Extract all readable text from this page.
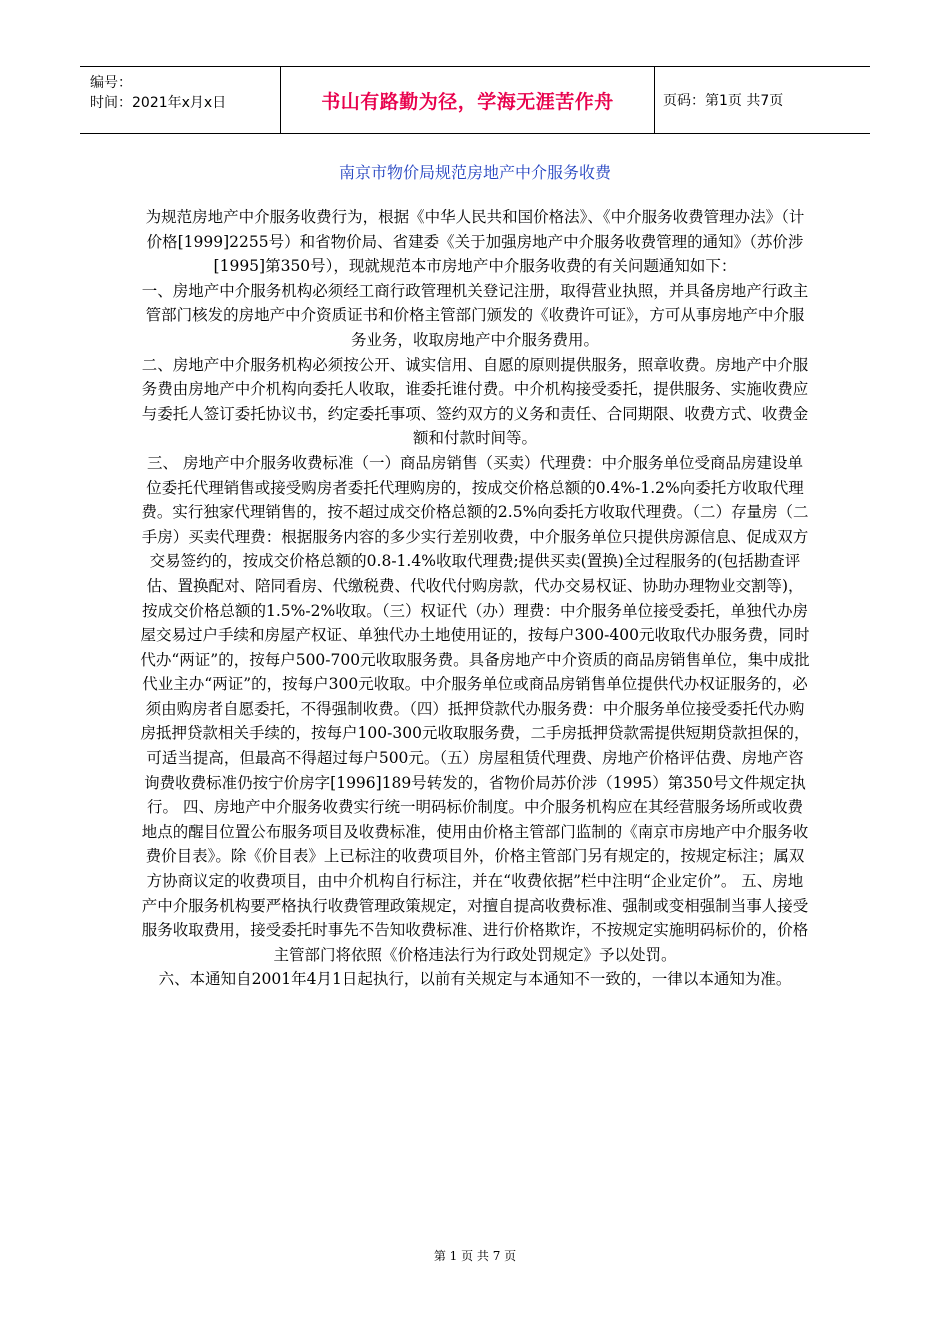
编号：
时间：2021年x月x日	书山有路勤为径，学海无涯苦作舟	页码：第1页 共7页
南京市物价局规范房地产中介服务收费

为规范房地产中介服务收费行为，根据《中华人民共和国价格法》、《中介服务收费管理办法》（计价格[1999]2255号）和省物价局、省建委《关于加强房地产中介服务收费管理的通知》（苏价涉[1995]第350号），现就规范本市房地产中介服务收费的有关问题通知如下：

一、房地产中介服务机构必须经工商行政管理机关登记注册，取得营业执照，并具备房地产行政主管部门核发的房地产中介资质证书和价格主管部门颁发的《收费许可证》，方可从事房地产中介服务业务，收取房地产中介服务费用。

二、房地产中介服务机构必须按公开、诚实信用、自愿的原则提供服务，照章收费。房地产中介服务费由房地产中介机构向委托人收取，谁委托谁付费。中介机构接受委托，提供服务、实施收费应与委托人签订委托协议书，约定委托事项、签约双方的义务和责任、合同期限、收费方式、收费金额和付款时间等。

三、 房地产中介服务收费标准（一）商品房销售（买卖）代理费：中介服务单位受商品房建设单位委托代理销售或接受购房者委托代理购房的，按成交价格总额的0.4%-1.2%向委托方收取代理费。实行独家代理销售的，按不超过成交价格总额的2.5%向委托方收取代理费。（二）存量房（二手房）买卖代理费：根据服务内容的多少实行差别收费，中介服务单位只提供房源信息、促成双方交易签约的，按成交价格总额的0.8-1.4%收取代理费;提供买卖(置换)全过程服务的(包括勘查评估、置换配对、陪同看房、代缴税费、代收代付购房款，代办交易权证、协助办理物业交割等)，按成交价格总额的1.5%-2%收取。（三）权证代（办）理费：中介服务单位接受委托，单独代办房屋交易过户手续和房屋产权证、单独代办土地使用证的，按每户300-400元收取代办服务费，同时代办“两证”的，按每户500-700元收取服务费。具备房地产中介资质的商品房销售单位，集中成批代业主办“两证”的，按每户300元收取。中介服务单位或商品房销售单位提供代办权证服务的，必须由购房者自愿委托，不得强制收费。（四）抵押贷款代办服务费：中介服务单位接受委托代办购房抵押贷款相关手续的，按每户100-300元收取服务费，二手房抵押贷款需提供短期贷款担保的，可适当提高，但最高不得超过每户500元。（五）房屋租赁代理费、房地产价格评估费、房地产咨询费收费标准仍按宁价房字[1996]189号转发的，省物价局苏价涉（1995）第350号文件规定执行。 四、房地产中介服务收费实行统一明码标价制度。中介服务机构应在其经营服务场所或收费地点的醒目位置公布服务项目及收费标准，使用由价格主管部门监制的《南京市房地产中介服务收费价目表》。除《价目表》上已标注的收费项目外，价格主管部门另有规定的，按规定标注；属双方协商议定的收费项目，由中介机构自行标注，并在“收费依据”栏中注明“企业定价”。 五、房地产中介服务机构要严格执行收费管理政策规定，对擅自提高收费标准、强制或变相强制当事人接受服务收取费用，接受委托时事先不告知收费标准、进行价格欺诈，不按规定实施明码标价的，价格主管部门将依照《价格违法行为行政处罚规定》予以处罚。

六、本通知自2001年4月1日起执行，以前有关规定与本通知不一致的，一律以本通知为准。

第 1 页 共 7 页
